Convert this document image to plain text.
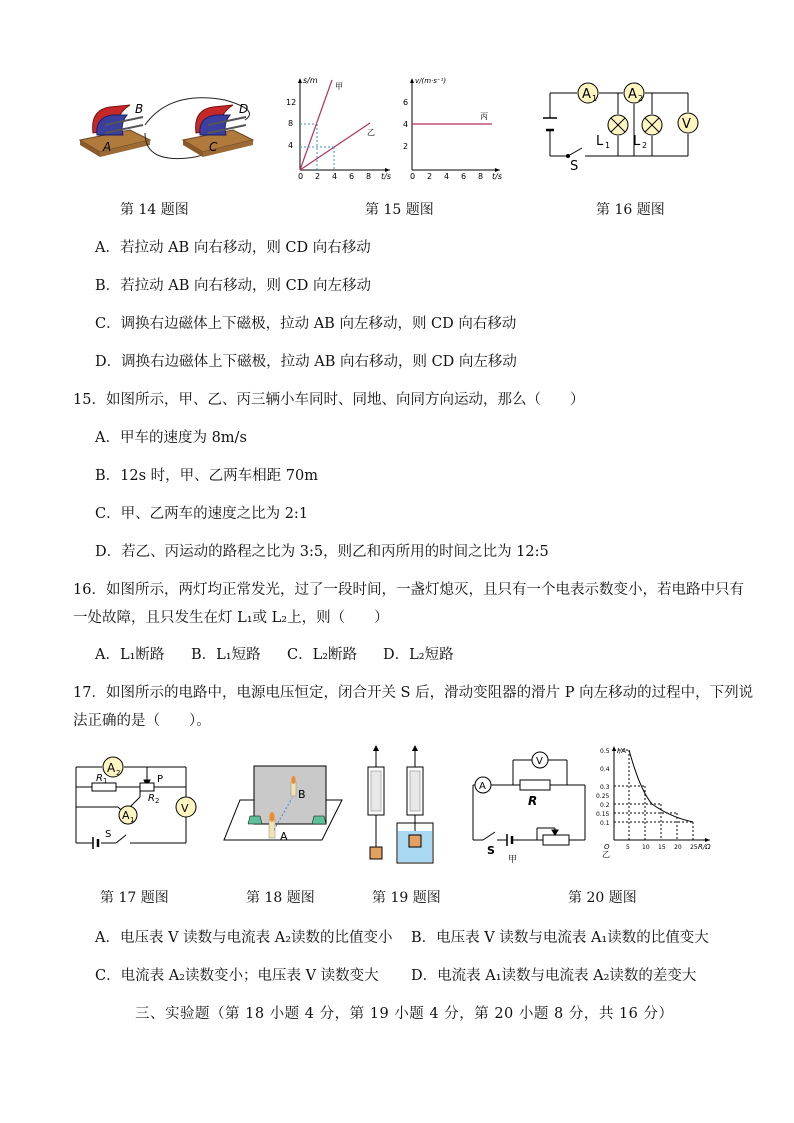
B
A
D
C
第 14 题图
s/m
t/s
4
8
12
0 2 4 6 8
甲
乙
v/(m·s⁻¹)
t/s
2
4
6
0 2 4 6 8
丙
第 15 题图
A 1 A 2
V
L 1 L 2
S
第 16 题图
A．若拉动 AB 向右移动，则 CD 向右移动
B．若拉动 AB 向右移动，则 CD 向左移动
C．调换右边磁体上下磁极，拉动 AB 向左移动，则 CD 向右移动
D．调换右边磁体上下磁极，拉动 AB 向右移动，则 CD 向左移动
15．如图所示，甲、乙、丙三辆小车同时、同地、向同方向运动，那么（　　）
A．甲车的速度为 8m/s
B．12s 时，甲、乙两车相距 70m
C．甲、乙两车的速度之比为 2:1
D．若乙、丙运动的路程之比为 3:5，则乙和丙所用的时间之比为 12:5
16．如图所示，两灯均正常发光，过了一段时间，一盏灯熄灭，且只有一个电表示数变小，若电路中只有
一处故障，且只发生在灯 L₁或 L₂上，则（　　）
A．L₁断路 B．L₁短路 C．L₂断路 D．L₂短路
17．如图所示的电路中，电源电压恒定，闭合开关 S 后，滑动变阻器的滑片 P 向左移动的过程中，下列说
法正确的是（　　）。
A 2
R 1	P
R 2
V
A 1
S
第 17 题图
B
A
第 18 题图	第 19 题图
V
A
R
S
甲
I/A
R/Ω
O
0.1
0.15
0.2
0.25
0.3
0.4
0.5
5 10 15 20 25
乙
第 20 题图
A．电压表 V 读数与电流表 A₂读数的比值变小 B．电压表 V 读数与电流表 A₁读数的比值变大
C．电流表 A₂读数变小；电压表 V 读数变大 D．电流表 A₁读数与电流表 A₂读数的差变大
三、实验题（第 18 小题 4 分，第 19 小题 4 分，第 20 小题 8 分，共 16 分）
